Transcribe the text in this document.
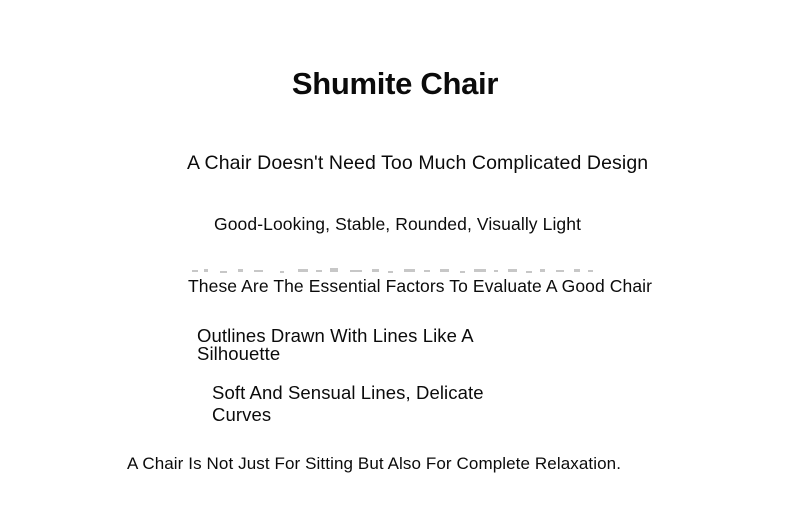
Shumite Chair
A Chair Doesn't Need Too Much Complicated Design
Good-Looking, Stable, Rounded, Visually Light
These Are The Essential Factors To Evaluate A Good Chair
Outlines Drawn With Lines Like A Silhouette
Soft And Sensual Lines, Delicate Curves
A Chair Is Not Just For Sitting But Also For Complete Relaxation.
